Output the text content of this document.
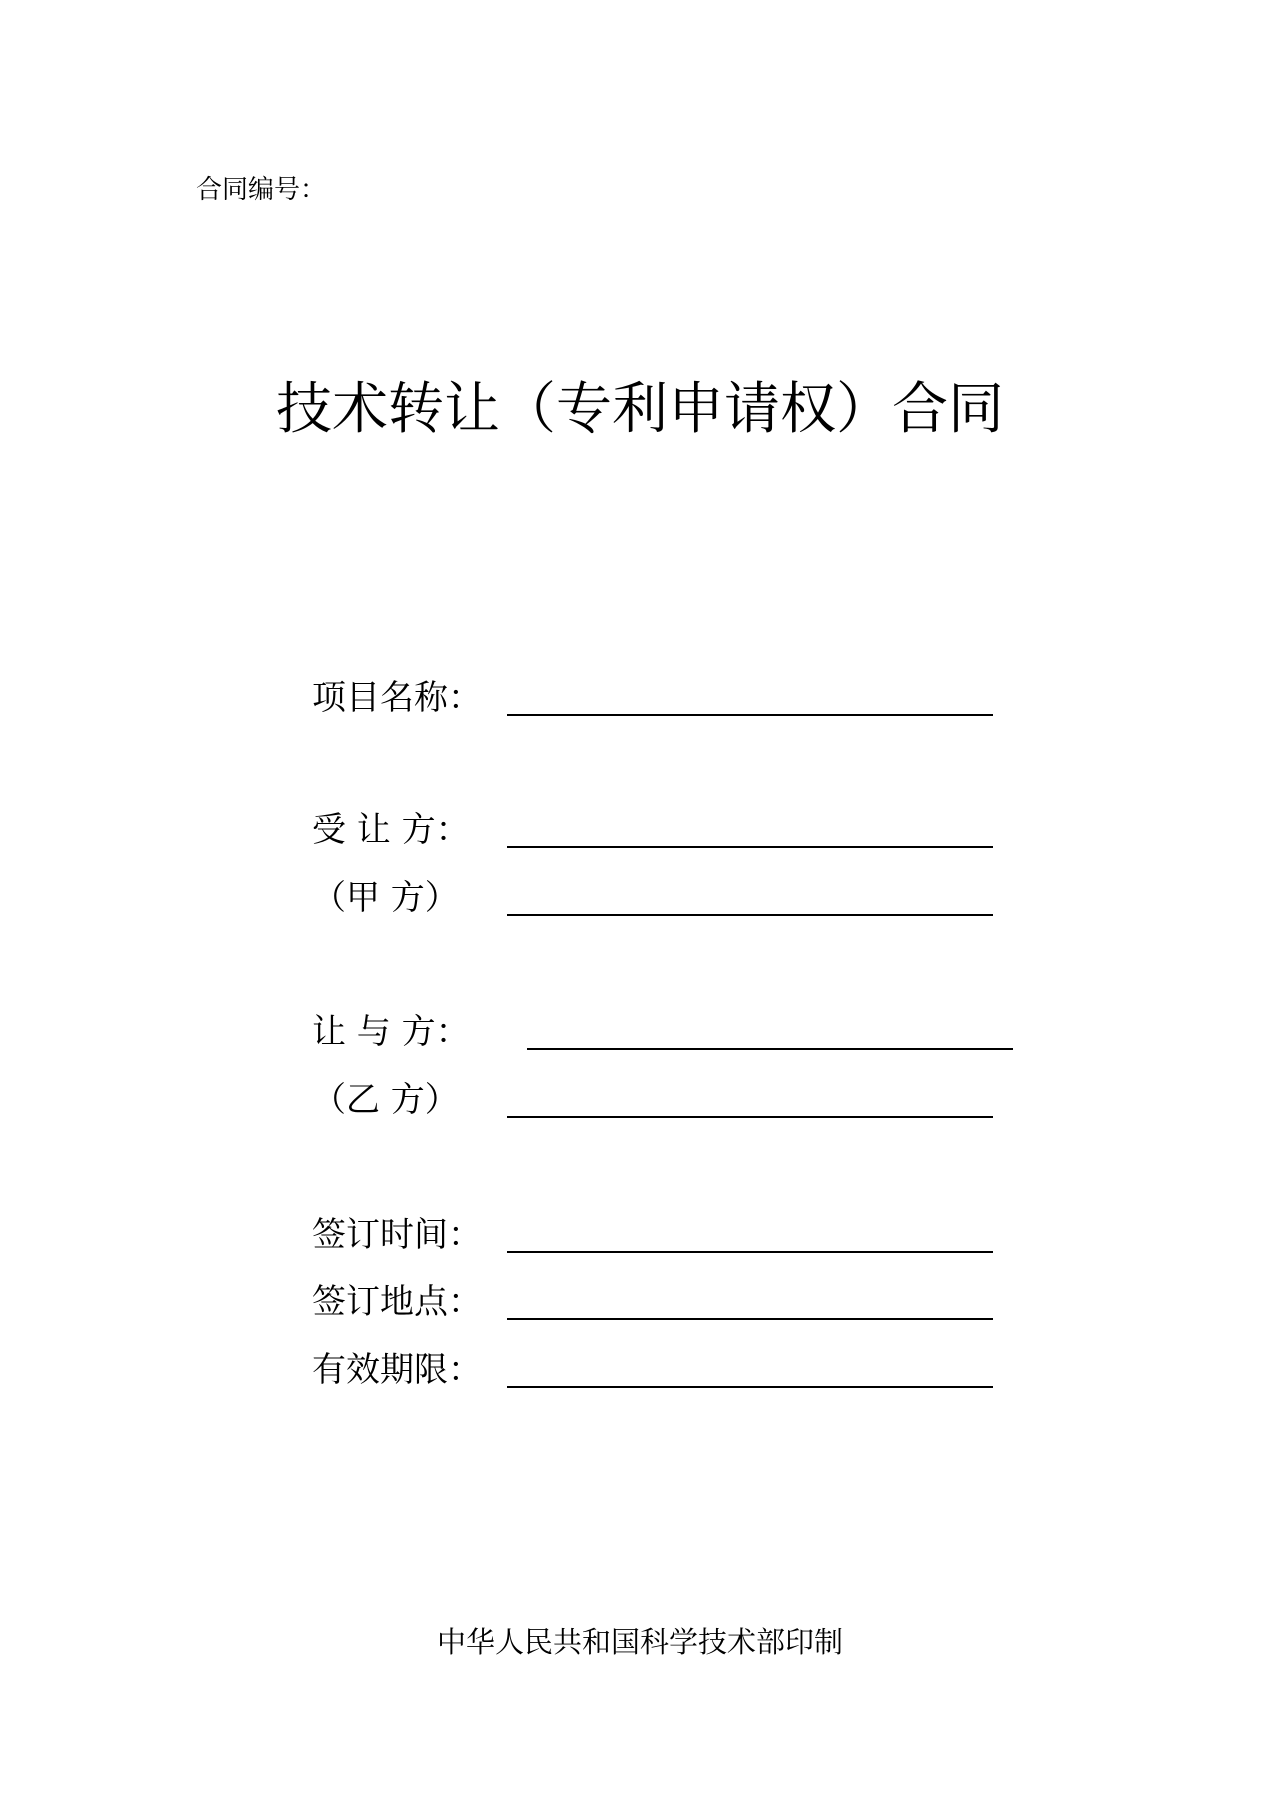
合同编号：
技术转让（专利申请权）合同
项目名称：
受 让 方：
（甲 方）
让 与 方：
（乙 方）
签订时间：
签订地点：
有效期限：
中华人民共和国科学技术部印制
